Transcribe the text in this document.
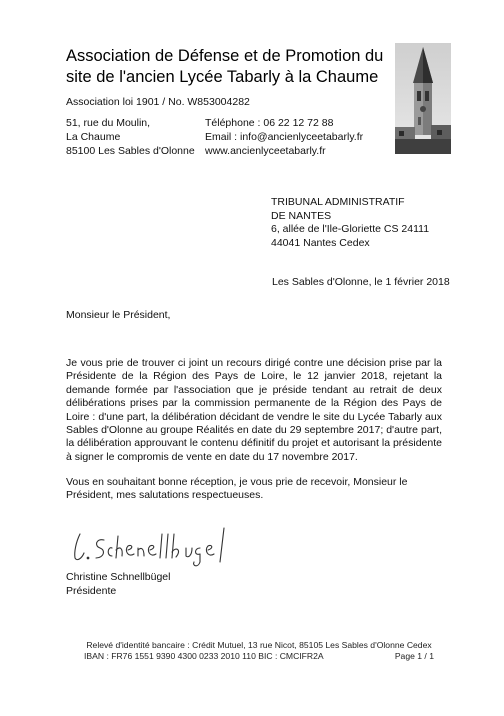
Association de Défense et de Promotion du
site de l'ancien Lycée Tabarly à la Chaume
Association loi 1901 / No. W853004282
51, rue du Moulin,
La Chaume
85100 Les Sables d'Olonne
Téléphone : 06 22 12 72 88
Email : info@ancienlyceetabarly.fr
www.ancienlyceetabarly.fr
TRIBUNAL ADMINISTRATIF
DE NANTES
6, allée de l'Ile-Gloriette CS 24111
44041 Nantes Cedex
Les Sables d'Olonne, le 1 février 2018
Monsieur le Président,
Je vous prie de trouver ci joint un recours dirigé contre une décision prise par la Présidente de la Région des Pays de Loire, le 12 janvier 2018, rejetant la demande formée par l'association que je préside tendant au retrait de deux délibérations prises par la commission permanente de la Région des Pays de Loire : d'une part, la délibération décidant de vendre le site du Lycée Tabarly aux Sables d'Olonne au groupe Réalités en date du 29 septembre 2017; d'autre part, la délibération approuvant le contenu définitif du projet et autorisant la présidente à signer le compromis de vente en date du 17 novembre 2017.
Vous en souhaitant bonne réception, je vous prie de recevoir, Monsieur le Président, mes salutations respectueuses.
Christine Schnellbügel
Présidente
Relevé d'identité bancaire : Crédit Mutuel, 13 rue Nicot, 85105 Les Sables d'Olonne Cedex
IBAN : FR76 1551 9390 4300 0233 2010 110 BIC : CMCIFR2A	Page 1 / 1
